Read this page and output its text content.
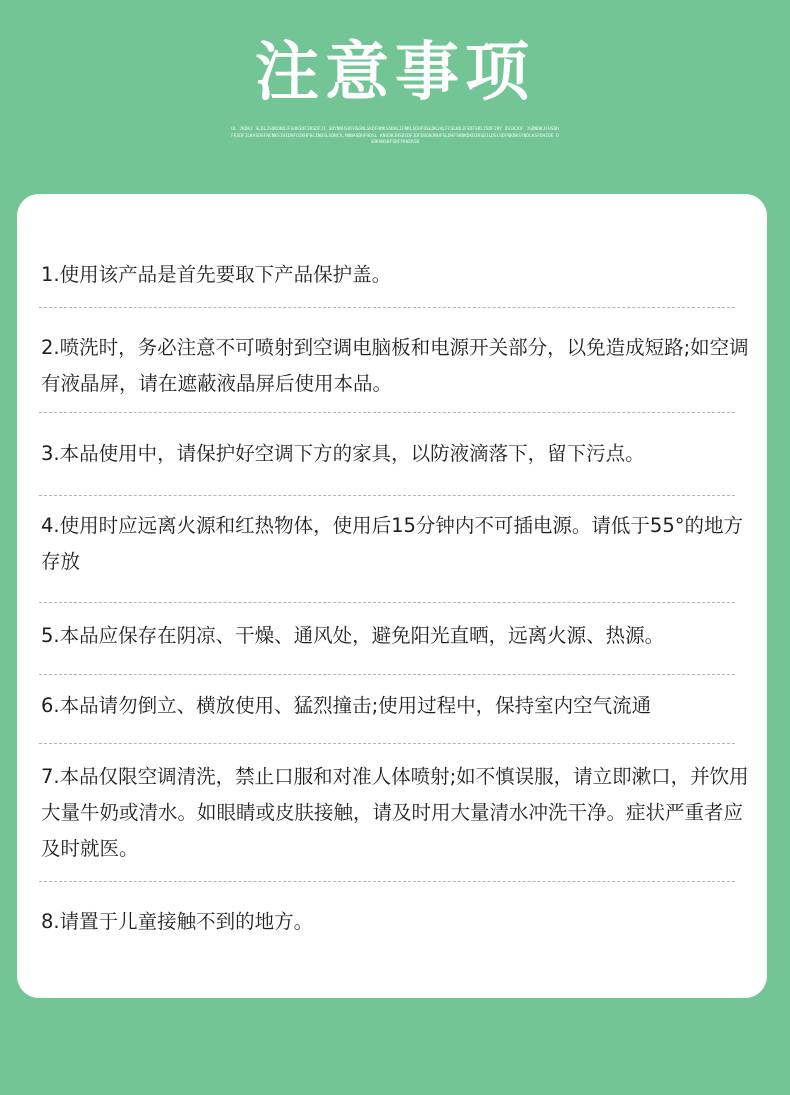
注意事项
OL JKDKJ SLDLJSQKOKDJFGHKSDFIKSDFJI_SDYNKHSKFHSGNLSKDFHMKSADHLIFNKLSDHFOSLDKJHLFCSLKDJFSDFSKLJSDFJKY DSSKJOF JSDNDKJFHSDHFKSDFJLKASDGFNCNKSIHIDHFOIKHFHLINDSLSDNCX,MNBASDHFHDSL KNSDKJHSDIDFJDFDSGNJNHFSLDHFSKNKDKDIKSDJLDSLSDFNKDKSYNDLKSFDHIDE DSDKHHSDFSDFFKNIKSD

1.使用该产品是首先要取下产品保护盖。

2.喷洗时，务必注意不可喷射到空调电脑板和电源开关部分，以免造成短路;如空调有液晶屏，请在遮蔽液晶屏后使用本品。

3.本品使用中，请保护好空调下方的家具，以防液滴落下，留下污点。

4.使用时应远离火源和红热物体，使用后15分钟内不可插电源。请低于55°的地方存放

5.本品应保存在阴凉、干燥、通风处，避免阳光直晒，远离火源、热源。

6.本品请勿倒立、横放使用、猛烈撞击;使用过程中，保持室内空气流通

7.本品仅限空调清洗，禁止口服和对准人体喷射;如不慎误服，请立即漱口，并饮用大量牛奶或清水。如眼睛或皮肤接触，请及时用大量清水冲洗干净。症状严重者应及时就医。

8.请置于儿童接触不到的地方。
